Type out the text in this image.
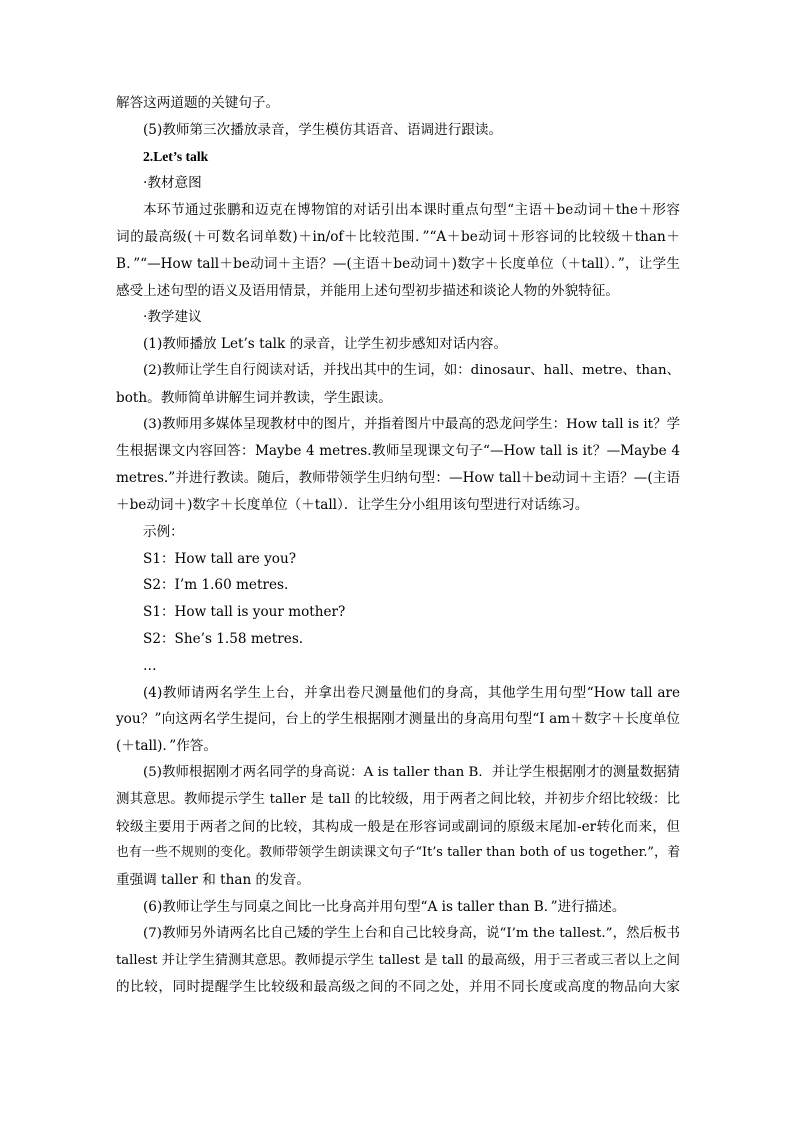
解答这两道题的关键句子。
(5)教师第三次播放录音，学生模仿其语音、语调进行跟读。
2.Let’s talk
·教材意图
本环节通过张鹏和迈克在博物馆的对话引出本课时重点句型“主语＋be动词＋the＋形容
词的最高级(＋可数名词单数)＋in/of＋比较范围．”“A＋be动词＋形容词的比较级＋than＋
B．”“—How tall＋be动词＋主语？—(主语＋be动词＋)数字＋长度单位（＋tall）．”，让学生
感受上述句型的语义及语用情景，并能用上述句型初步描述和谈论人物的外貌特征。
·教学建议
(1)教师播放 Let’s talk 的录音，让学生初步感知对话内容。
(2)教师让学生自行阅读对话，并找出其中的生词，如：dinosaur、hall、metre、than、
both。教师简单讲解生词并教读，学生跟读。
(3)教师用多媒体呈现教材中的图片，并指着图片中最高的恐龙问学生：How tall is it？学
生根据课文内容回答：Maybe 4 metres.教师呈现课文句子“—How tall is it？—Maybe 4
metres.”并进行教读。随后，教师带领学生归纳句型：—How tall＋be动词＋主语？—(主语
＋be动词＋)数字＋长度单位（＋tall）．让学生分小组用该句型进行对话练习。
示例：
S1：How tall are you?
S2：I’m 1.60 metres.
S1：How tall is your mother?
S2：She’s 1.58 metres.
…
(4)教师请两名学生上台，并拿出卷尺测量他们的身高，其他学生用句型“How tall are
you？”向这两名学生提问，台上的学生根据刚才测量出的身高用句型“I am＋数字＋长度单位
(＋tall)．”作答。
(5)教师根据刚才两名同学的身高说：A is taller than B．并让学生根据刚才的测量数据猜
测其意思。教师提示学生 taller 是 tall 的比较级，用于两者之间比较，并初步介绍比较级：比
较级主要用于两者之间的比较，其构成一般是在形容词或副词的原级末尾加-er转化而来，但
也有一些不规则的变化。教师带领学生朗读课文句子“It’s taller than both of us together.”，着
重强调 taller 和 than 的发音。
(6)教师让学生与同桌之间比一比身高并用句型“A is taller than B．”进行描述。
(7)教师另外请两名比自己矮的学生上台和自己比较身高，说“I’m the tallest.”，然后板书
tallest 并让学生猜测其意思。教师提示学生 tallest 是 tall 的最高级，用于三者或三者以上之间
的比较，同时提醒学生比较级和最高级之间的不同之处，并用不同长度或高度的物品向大家
